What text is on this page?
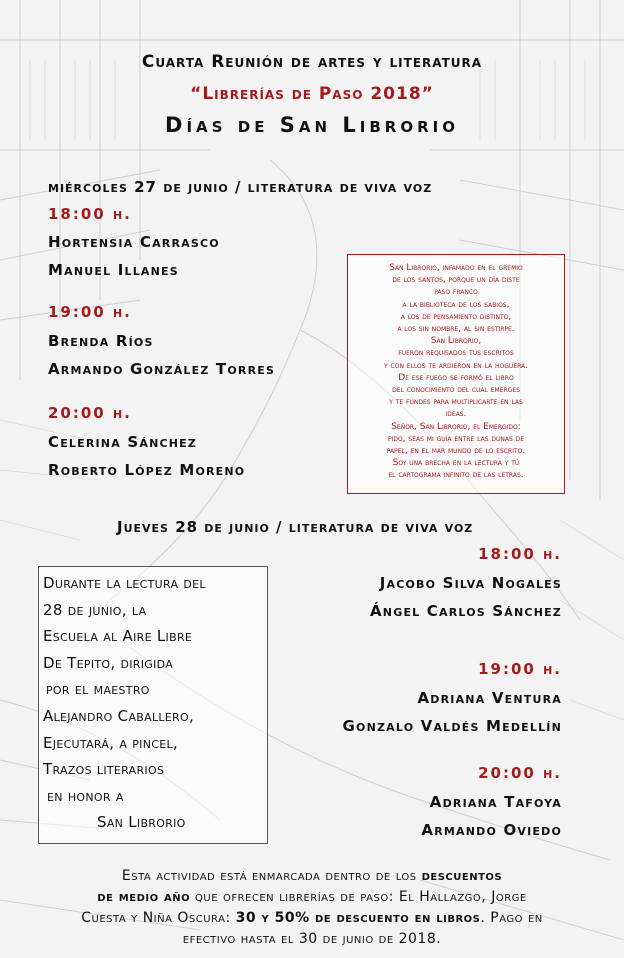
Cuarta Reunión de artes y literatura
“Librerías de Paso 2018”
Días de San Librorio
miércoles 27 de junio / literatura de viva voz
18:00 h.
Hortensia Carrasco
Manuel Illanes
19:00 h.
Brenda Ríos
Armando González Torres
20:00 h.
Celerina Sánchez
Roberto López Moreno
San Librorio, infamado en el gremio
de los santos, porque un día diste
paso franco
a la biblioteca de los sabios,
a los de pensamiento distinto,
a los sin nombre, al sin estirpe.
San Librorio,
fueron requisados tus escritos
y con ellos te ardieron en la hoguera.
De ese fuego se formó el libro
del conocimiento del cual emerges
y te fundes para multiplicarte en las
ideas.
Señor, San Librorio, el Emergido:
pido, seas mi guía entre las dunas de
papel, en el mar mundo de lo escrito.
Soy una brecha en la lectura y tú
el cartograma infinito de las letras.
Jueves 28 de junio / literatura de viva voz
18:00 h.
Jacobo Silva Nogales
Ángel Carlos Sánchez
19:00 h.
Adriana Ventura
Gonzalo Valdés Medellín
20:00 h.
Adriana Tafoya
Armando Oviedo
Durante la lectura del
28 de junio, la
Escuela al Aire Libre
De Tepito, dirigida
por el maestro
Alejandro Caballero,
Ejecutará, a pincel,
Trazos literarios
en honor a
San Librorio
Esta actividad está enmarcada dentro de los descuentos
de medio año que ofrecen librerías de paso: El Hallazgo, Jorge
Cuesta y Niña Oscura: 30 y 50% de descuento en libros. Pago en
efectivo hasta el 30 de junio de 2018.
